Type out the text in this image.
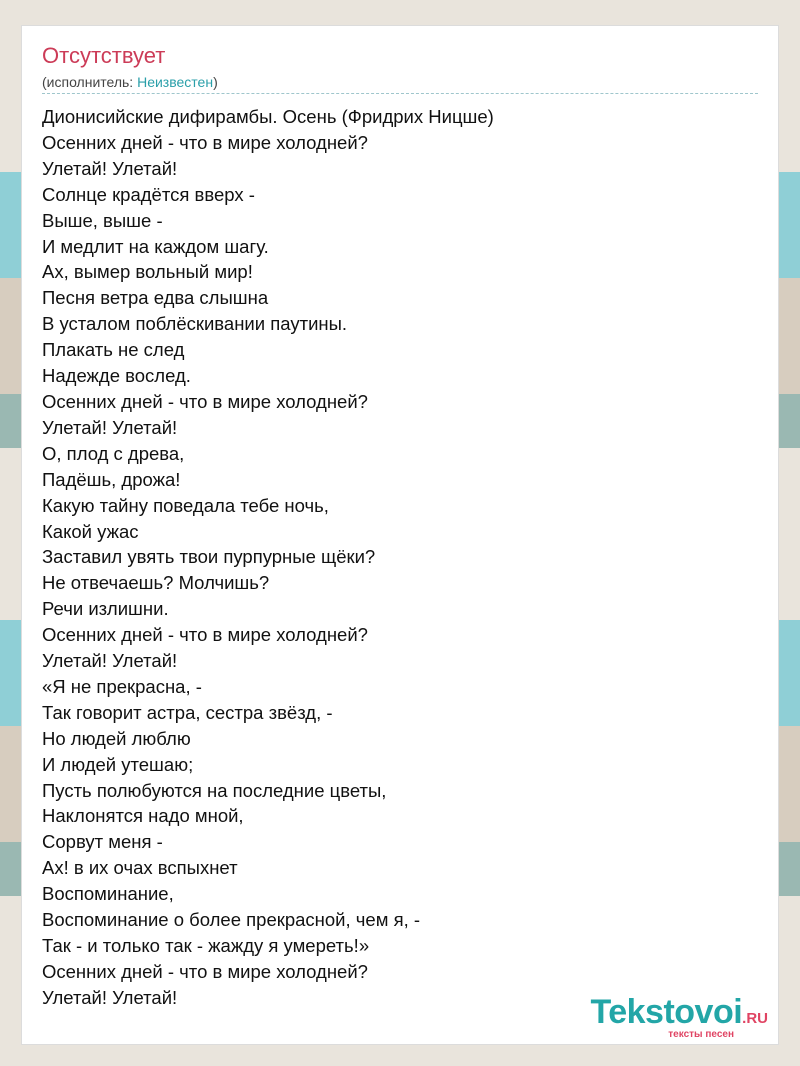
Отсутствует
(исполнитель: Неизвестен)
Дионисийские дифирамбы. Осень (Фридрих Ницше)
Осенних дней - что в мире холодней?
Улетай! Улетай!
Солнце крадётся вверх -
Выше, выше -
И медлит на каждом шагу.
Ах, вымер вольный мир!
Песня ветра едва слышна
В усталом поблёскивании паутины.
Плакать не след
Надежде вослед.
Осенних дней - что в мире холодней?
Улетай! Улетай!
О, плод с древа,
Падёшь, дрожа!
Какую тайну поведала тебе ночь,
Какой ужас
Заставил увять твои пурпурные щёки?
Не отвечаешь? Молчишь?
Речи излишни.
Осенних дней - что в мире холодней?
Улетай! Улетай!
«Я не прекрасна, -
Так говорит астра, сестра звёзд, -
Но людей люблю
И людей утешаю;
Пусть полюбуются на последние цветы,
Наклонятся надо мной,
Сорвут меня -
Ах! в их очах вспыхнет
Воспоминание,
Воспоминание о более прекрасной, чем я, -
Так - и только так - жажду я умереть!»
Осенних дней - что в мире холодней?
Улетай! Улетай!	Tekstovoi.RU
тексты песен
